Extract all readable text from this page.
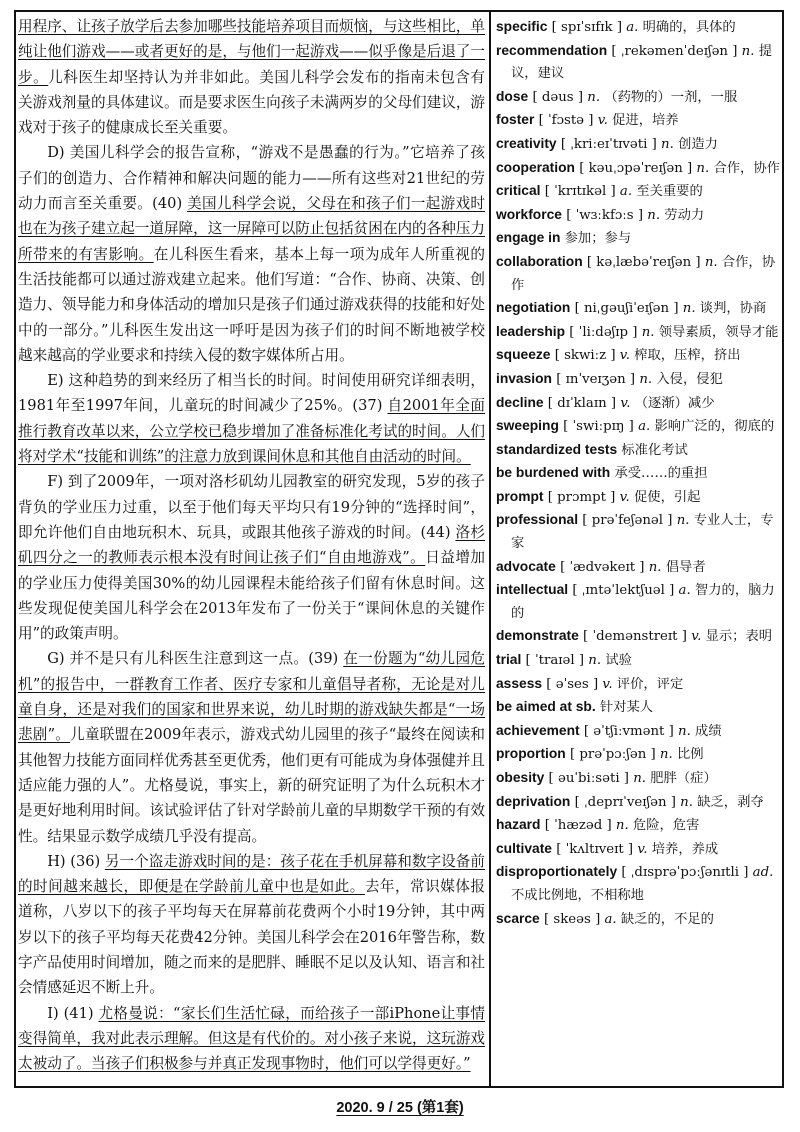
用程序、让孩子放学后去参加哪些技能培养项目而烦恼，与这些相比，单纯让他们游戏——或者更好的是，与他们一起游戏——似乎像是后退了一步。儿科医生却坚持认为并非如此。美国儿科学会发布的指南未包含有关游戏剂量的具体建议。而是要求医生向孩子未满两岁的父母们建议，游戏对于孩子的健康成长至关重要。

D) 美国儿科学会的报告宣称，“游戏不是愚蠢的行为。”它培养了孩子们的创造力、合作精神和解决问题的能力——所有这些对21世纪的劳动力而言至关重要。(40) 美国儿科学会说，父母在和孩子们一起游戏时也在为孩子建立起一道屏障，这一屏障可以防止包括贫困在内的各种压力所带来的有害影响。在儿科医生看来，基本上每一项为成年人所重视的生活技能都可以通过游戏建立起来。他们写道：“合作、协商、决策、创造力、领导能力和身体活动的增加只是孩子们通过游戏获得的技能和好处中的一部分。”儿科医生发出这一呼吁是因为孩子们的时间不断地被学校越来越高的学业要求和持续入侵的数字媒体所占用。

E) 这种趋势的到来经历了相当长的时间。时间使用研究详细表明，1981年至1997年间，儿童玩的时间减少了25%。(37) 自2001年全面推行教育改革以来，公立学校已稳步增加了准备标准化考试的时间。人们将对学术“技能和训练”的注意力放到课间休息和其他自由活动的时间。

F) 到了2009年，一项对洛杉矶幼儿园教室的研究发现，5岁的孩子背负的学业压力过重，以至于他们每天平均只有19分钟的“选择时间”，即允许他们自由地玩积木、玩具，或跟其他孩子游戏的时间。(44) 洛杉矶四分之一的教师表示根本没有时间让孩子们“自由地游戏”。日益增加的学业压力使得美国30%的幼儿园课程未能给孩子们留有休息时间。这些发现促使美国儿科学会在2013年发布了一份关于“课间休息的关键作用”的政策声明。

G) 并不是只有儿科医生注意到这一点。(39) 在一份题为“幼儿园危机”的报告中，一群教育工作者、医疗专家和儿童倡导者称，无论是对儿童自身，还是对我们的国家和世界来说，幼儿时期的游戏缺失都是“一场悲剧”。儿童联盟在2009年表示，游戏式幼儿园里的孩子“最终在阅读和其他智力技能方面同样优秀甚至更优秀，他们更有可能成为身体强健并且适应能力强的人”。尤格曼说，事实上，新的研究证明了为什么玩积木才是更好地利用时间。该试验评估了针对学龄前儿童的早期数学干预的有效性。结果显示数学成绩几乎没有提高。

H) (36) 另一个盗走游戏时间的是：孩子花在手机屏幕和数字设备前的时间越来越长，即便是在学龄前儿童中也是如此。去年，常识媒体报道称，八岁以下的孩子平均每天在屏幕前花费两个小时19分钟，其中两岁以下的孩子平均每天花费42分钟。美国儿科学会在2016年警告称，数字产品使用时间增加，随之而来的是肥胖、睡眠不足以及认知、语言和社会情感延迟不断上升。

I) (41) 尤格曼说：“家长们生活忙碌，而给孩子一部iPhone让事情变得简单，我对此表示理解。但这是有代价的。对小孩子来说，这玩游戏太被动了。当孩子们积极参与并真正发现事物时，他们可以学得更好。”

specific [ spɪˈsɪfɪk ] a. 明确的，具体的

recommendation [ ˌrekəmenˈdeɪʃən ] n. 提议，建议

dose [ dəus ] n. （药物的）一剂，一服

foster [ ˈfɔstə ] v. 促进，培养

creativity [ ˌkriːeɪˈtɪvəti ] n. 创造力

cooperation [ kəuˌɔpəˈreɪʃən ] n. 合作，协作

critical [ ˈkrɪtɪkəl ] a. 至关重要的

workforce [ ˈwɜːkfɔːs ] n. 劳动力

engage in 参加；参与

collaboration [ kəˌlæbəˈreɪʃən ] n. 合作，协作

negotiation [ niˌgəuʃiˈeɪʃən ] n. 谈判，协商

leadership [ ˈliːdəʃɪp ] n. 领导素质，领导才能

squeeze [ skwiːz ] v. 榨取，压榨，挤出

invasion [ ɪnˈveɪʒən ] n. 入侵，侵犯

decline [ dɪˈklaɪn ] v. （逐渐）减少

sweeping [ ˈswiːpɪŋ ] a. 影响广泛的，彻底的

standardized tests 标准化考试

be burdened with 承受……的重担

prompt [ prɔmpt ] v. 促使，引起

professional [ prəˈfeʃənəl ] n. 专业人士，专家

advocate [ ˈædvəkeɪt ] n. 倡导者

intellectual [ ˌɪntəˈlektʃuəl ] a. 智力的，脑力的

demonstrate [ ˈdemənstreɪt ] v. 显示；表明

trial [ ˈtraɪəl ] n. 试验

assess [ əˈses ] v. 评价，评定

be aimed at sb. 针对某人

achievement [ əˈtʃiːvmənt ] n. 成绩

proportion [ prəˈpɔːʃən ] n. 比例

obesity [ əuˈbiːsəti ] n. 肥胖（症）

deprivation [ ˌdeprɪˈveɪʃən ] n. 缺乏，剥夺

hazard [ ˈhæzəd ] n. 危险，危害

cultivate [ ˈkʌltɪveɪt ] v. 培养，养成

disproportionately [ ˌdɪsprəˈpɔːʃənɪtli ] ad. 不成比例地，不相称地

scarce [ skeəs ] a. 缺乏的，不足的

2020. 9 / 25 (第1套)
